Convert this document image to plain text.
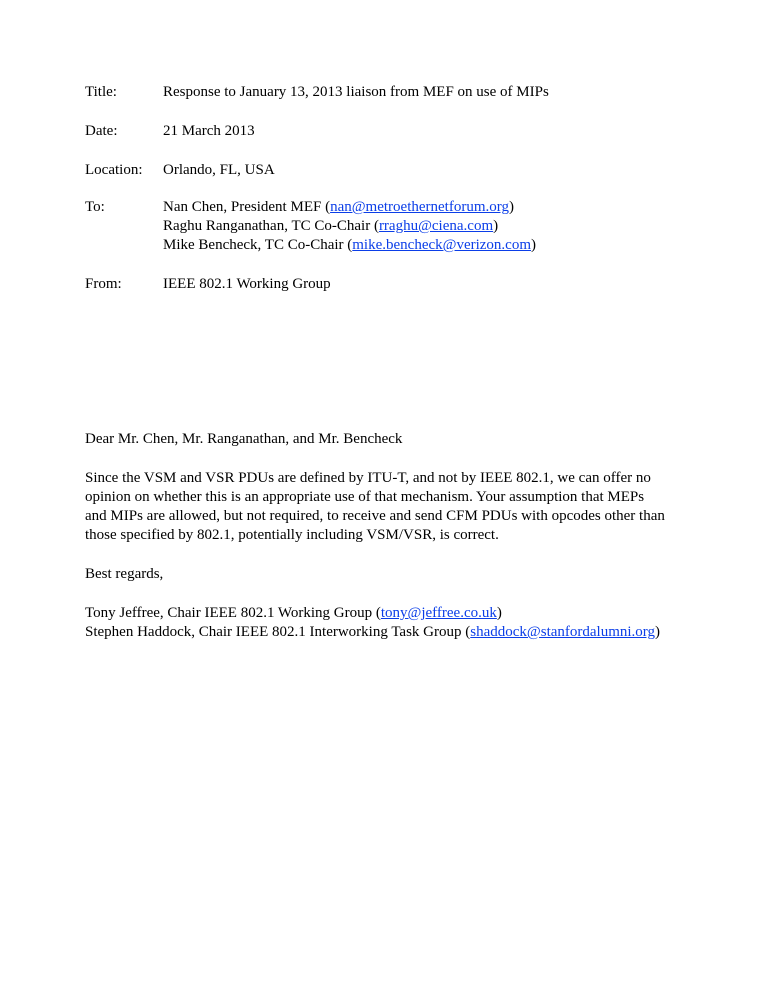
Title:	Response to January 13, 2013 liaison from MEF on use of MIPs
Date:	21 March 2013
Location: Orlando, FL, USA
To:	Nan Chen, President MEF (nan@metroethernetforum.org)
Raghu Ranganathan, TC Co-Chair (rraghu@ciena.com)
Mike Bencheck, TC Co-Chair (mike.bencheck@verizon.com)
From:	IEEE 802.1 Working Group
Dear Mr. Chen, Mr. Ranganathan, and Mr. Bencheck
Since the VSM and VSR PDUs are defined by ITU-T, and not by IEEE 802.1, we can offer no
opinion on whether this is an appropriate use of that mechanism. Your assumption that MEPs
and MIPs are allowed, but not required, to receive and send CFM PDUs with opcodes other than
those specified by 802.1, potentially including VSM/VSR, is correct.
Best regards,
Tony Jeffree, Chair IEEE 802.1 Working Group (tony@jeffree.co.uk)
Stephen Haddock, Chair IEEE 802.1 Interworking Task Group (shaddock@stanfordalumni.org)
